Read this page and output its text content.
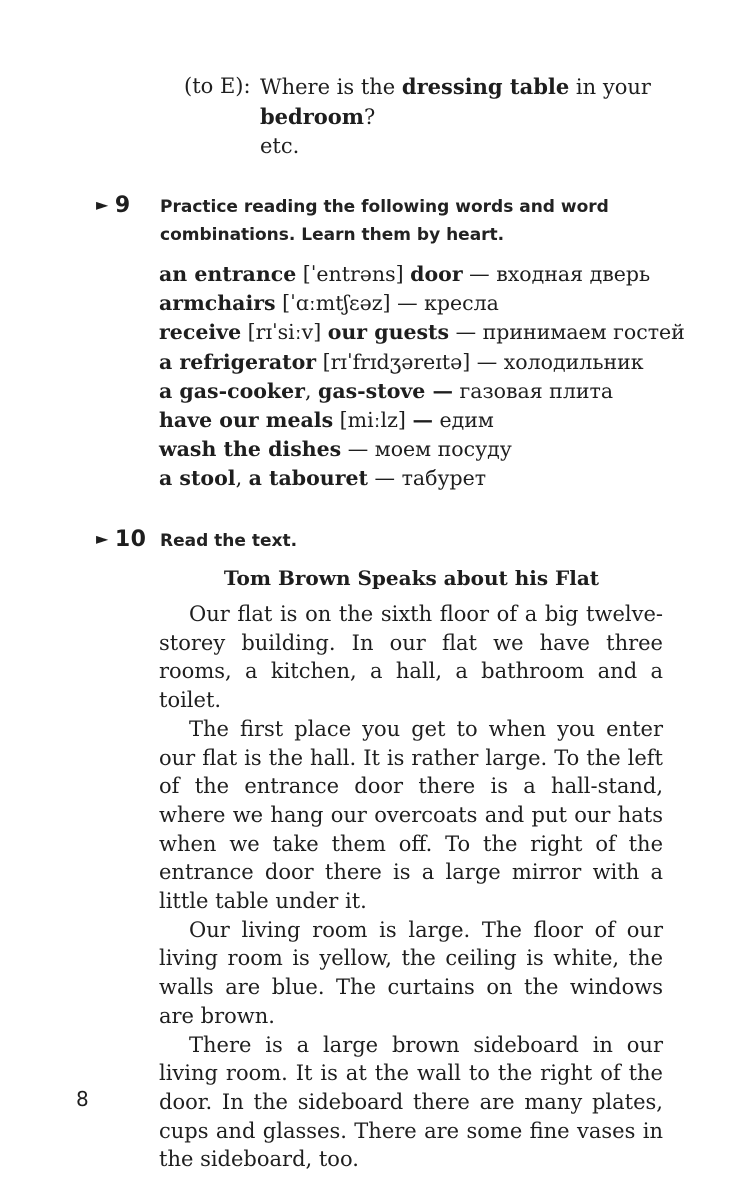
(to E): Where is the dressing table in your
bedroom?
etc.
► 9 Practice reading the following words and word combinations. Learn them by heart.
an entrance [ˈentrəns] door — входная дверь
armchairs [ˈɑːmtʃɛəz] — кресла
receive [rɪˈsiːv] our guests — принимаем гостей
a refrigerator [rɪˈfrɪdʒəreɪtə] — холодильник
a gas-cooker, gas-stove — газовая плита
have our meals [miːlz] — едим
wash the dishes — моем посуду
a stool, a tabouret — табурет
► 10 Read the text.
Tom Brown Speaks about his Flat

Our flat is on the sixth floor of a big twelve-storey building. In our flat we have three rooms, a kitchen, a hall, a bathroom and a toilet.

The first place you get to when you enter our flat is the hall. It is rather large. To the left of the entrance door there is a hall-stand, where we hang our overcoats and put our hats when we take them off. To the right of the entrance door there is a large mirror with a little table under it.

Our living room is large. The floor of our living room is yellow, the ceiling is white, the walls are blue. The curtains on the windows are brown.

There is a large brown sideboard in our living room. It is at the wall to the right of the door. In the sideboard there are many plates, cups and glasses. There are some fine vases in the sideboard, too.

8
